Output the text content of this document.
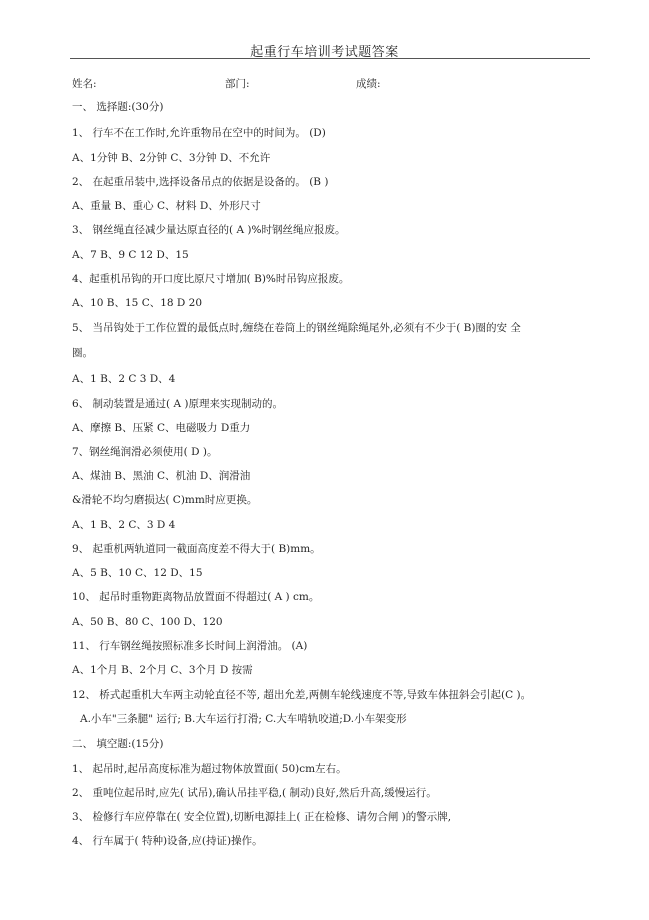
起重行车培训考试题答案
姓名:	部门:	成绩:
一、 选择题:(30分)
1、 行车不在工作时,允许重物吊在空中的时间为。 (D)
A、1分钟 B、2分钟 C、3分钟 D、不允许
2、 在起重吊装中,选择设备吊点的依据是设备的。 (B )
A、重量 B、重心 C、材料 D、外形尺寸
3、 钢丝绳直径减少量达原直径的( A )%时钢丝绳应报废。
A、7 B、9 C 12 D、15
4、起重机吊钩的开口度比原尺寸增加( B)%时吊钩应报废。
A、10 B、15 C、18 D 20
5、 当吊钩处于工作位置的最低点时,缠绕在卷筒上的钢丝绳除绳尾外,必须有不少于( B)圈的安 全
圈。
A、1 B、2 C 3 D、4
6、 制动装置是通过( A )原理来实现制动的。
A、摩擦 B、压紧 C、电磁吸力 D重力
7、钢丝绳润滑必须使用( D )。
A、煤油 B、黑油 C、机油 D、润滑油
&滑轮不均匀磨损达( C)mm时应更换。
A、1 B、2 C、3 D 4
9、 起重机两轨道同一截面高度差不得大于( B)mm。
A、5 B、10 C、12 D、15
10、 起吊时重物距离物品放置面不得超过( A ) cm。
A、50 B、80 C、100 D、120
11、 行车钢丝绳按照标准多长时间上润滑油。 (A)
A、1个月 B、2个月 C、3个月 D 按需
12、 桥式起重机大车两主动轮直径不等, 超出允差,两侧车轮线速度不等,导致车体扭斜会引起(C )。
A.小车"三条腿" 运行; B.大车运行打滑; C.大车啃轨咬道;D.小车架变形
二、 填空题:(15分)
1、 起吊时,起吊高度标准为超过物体放置面( 50)cm左右。
2、 重吨位起吊时,应先( 试吊),确认吊挂平稳,( 制动)良好,然后升高,缓慢运行。
3、 检修行车应停靠在( 安全位置),切断电源挂上( 正在检修、请勿合闸 )的警示牌,
4、 行车属于( 特种)设备,应(持证)操作。
